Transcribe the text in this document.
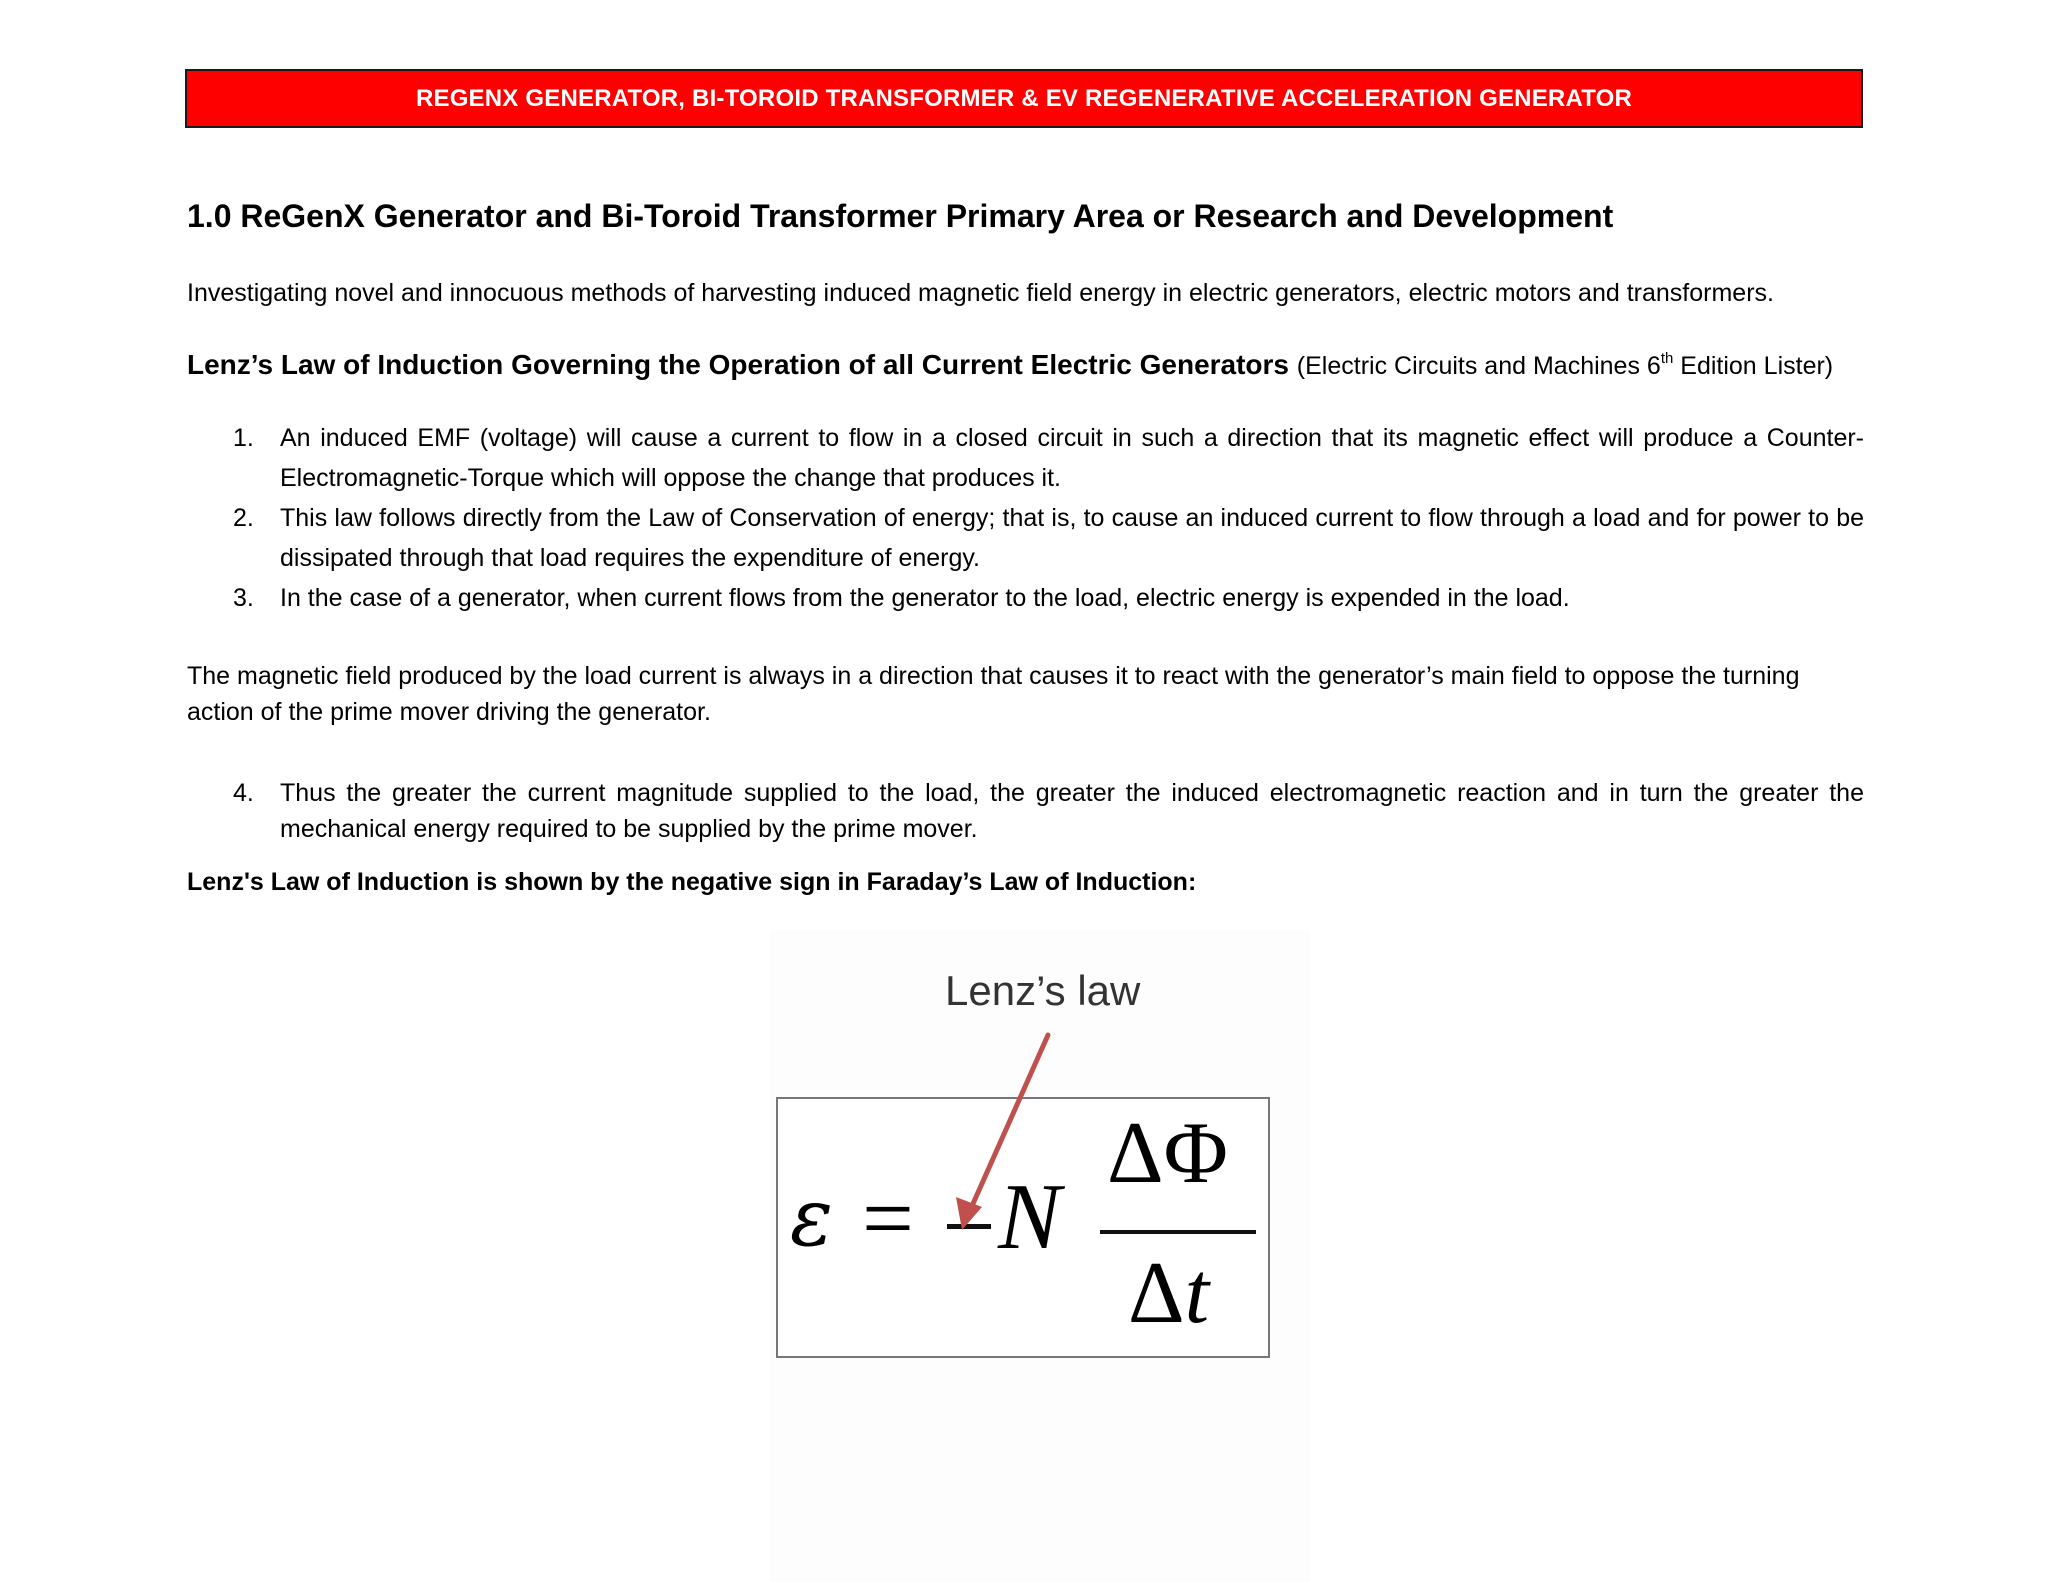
REGENX GENERATOR, BI-TOROID TRANSFORMER & EV REGENERATIVE ACCELERATION GENERATOR
1.0 ReGenX Generator and Bi-Toroid Transformer Primary Area or Research and Development
Investigating novel and innocuous methods of harvesting induced magnetic field energy in electric generators, electric motors and transformers.
Lenz’s Law of Induction Governing the Operation of all Current Electric Generators (Electric Circuits and Machines 6th Edition Lister)
1. An induced EMF (voltage) will cause a current to flow in a closed circuit in such a direction that its magnetic effect will produce a Counter-Electromagnetic-Torque which will oppose the change that produces it.
2. This law follows directly from the Law of Conservation of energy; that is, to cause an induced current to flow through a load and for power to be dissipated through that load requires the expenditure of energy.
3. In the case of a generator, when current flows from the generator to the load, electric energy is expended in the load.
The magnetic field produced by the load current is always in a direction that causes it to react with the generator’s main field to oppose the turning action of the prime mover driving the generator.
4. Thus the greater the current magnitude supplied to the load, the greater the induced electromagnetic reaction and in turn the greater the mechanical energy required to be supplied by the prime mover.
Lenz's Law of Induction is shown by the negative sign in Faraday’s Law of Induction:
Lenz’s law
ε = N
ΔΦ
Δt
